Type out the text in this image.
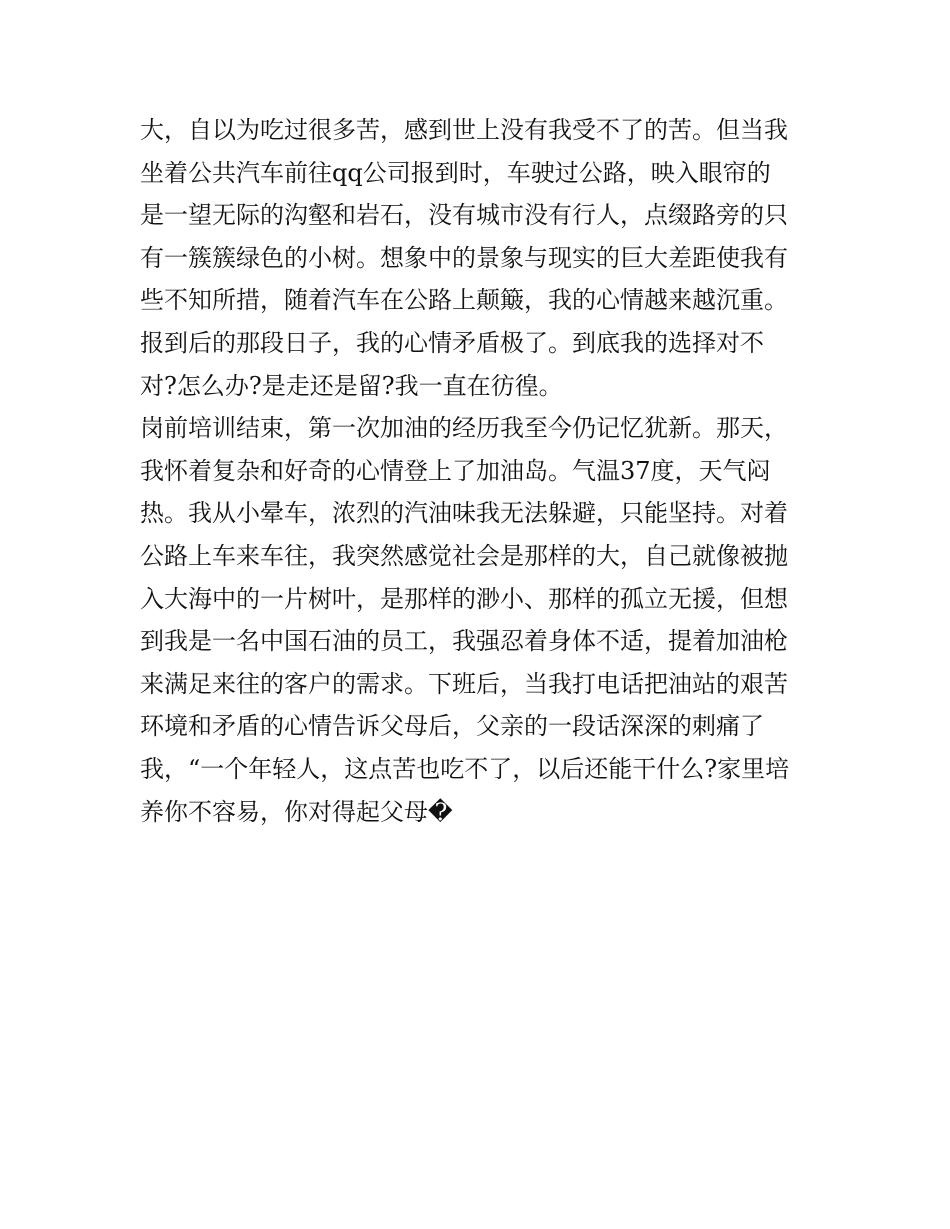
大，自以为吃过很多苦，感到世上没有我受不了的苦。但当我
坐着公共汽车前往qq公司报到时，车驶过公路，映入眼帘的
是一望无际的沟壑和岩石，没有城市没有行人，点缀路旁的只
有一簇簇绿色的小树。想象中的景象与现实的巨大差距使我有
些不知所措，随着汽车在公路上颠簸，我的心情越来越沉重。
报到后的那段日子，我的心情矛盾极了。到底我的选择对不
对?怎么办?是走还是留?我一直在彷徨。
岗前培训结束，第一次加油的经历我至今仍记忆犹新。那天，
我怀着复杂和好奇的心情登上了加油岛。气温37度，天气闷
热。我从小晕车，浓烈的汽油味我无法躲避，只能坚持。对着
公路上车来车往，我突然感觉社会是那样的大，自己就像被抛
入大海中的一片树叶，是那样的渺小、那样的孤立无援，但想
到我是一名中国石油的员工，我强忍着身体不适，提着加油枪
来满足来往的客户的需求。下班后，当我打电话把油站的艰苦
环境和矛盾的心情告诉父母后，父亲的一段话深深的刺痛了
我，“一个年轻人，这点苦也吃不了，以后还能干什么?家里培
养你不容易，你对得起父母�
